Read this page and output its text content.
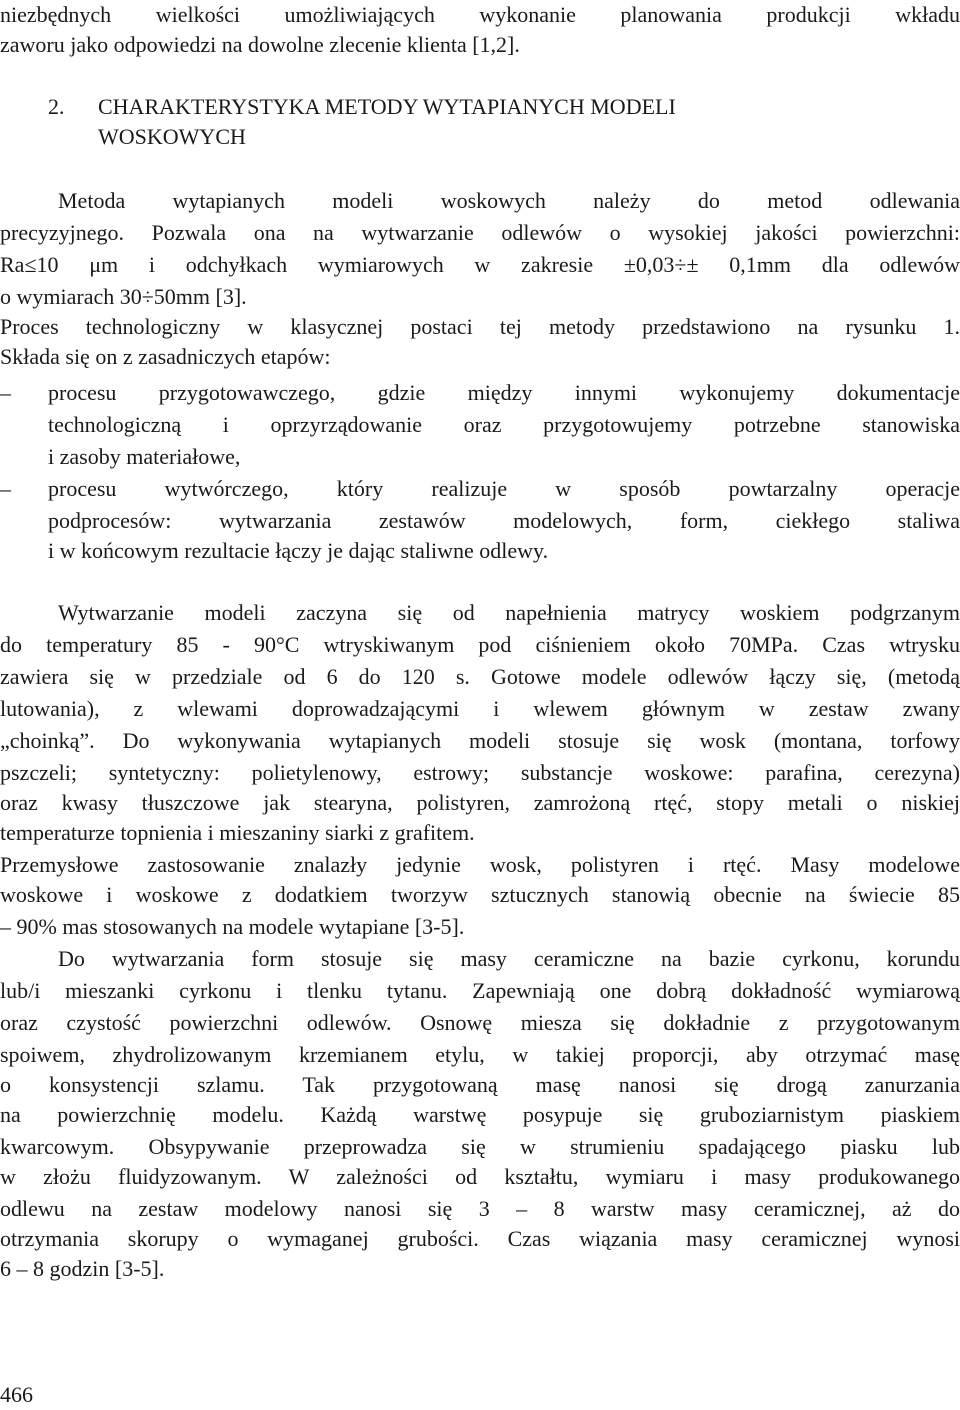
niezbędnych wielkości umożliwiających wykonanie planowania produkcji wkładu
zaworu jako odpowiedzi na dowolne zlecenie klienta [1,2].
2.	CHARAKTERYSTYKA METODY WYTAPIANYCH MODELI
WOSKOWYCH
Metoda wytapianych modeli woskowych należy do metod odlewania
precyzyjnego. Pozwala ona na wytwarzanie odlewów o wysokiej jakości powierzchni:
Ra≤10 μm i odchyłkach wymiarowych w zakresie ±0,03÷± 0,1mm dla odlewów
o wymiarach 30÷50mm [3].
Proces technologiczny w klasycznej postaci tej metody przedstawiono na rysunku 1.
Składa się on z zasadniczych etapów:
–	procesu przygotowawczego, gdzie między innymi wykonujemy dokumentacje
technologiczną i oprzyrządowanie oraz przygotowujemy potrzebne stanowiska
i zasoby materiałowe,
–	procesu wytwórczego, który realizuje w sposób powtarzalny operacje
podprocesów: wytwarzania zestawów modelowych, form, ciekłego staliwa
i w końcowym rezultacie łączy je dając staliwne odlewy.
Wytwarzanie modeli zaczyna się od napełnienia matrycy woskiem podgrzanym
do temperatury 85 - 90°C wtryskiwanym pod ciśnieniem około 70MPa. Czas wtrysku
zawiera się w przedziale od 6 do 120 s. Gotowe modele odlewów łączy się, (metodą
lutowania), z wlewami doprowadzającymi i wlewem głównym w zestaw zwany
„choinką”. Do wykonywania wytapianych modeli stosuje się wosk (montana, torfowy
pszczeli; syntetyczny: polietylenowy, estrowy; substancje woskowe: parafina, cerezyna)
oraz kwasy tłuszczowe jak stearyna, polistyren, zamrożoną rtęć, stopy metali o niskiej
temperaturze topnienia i mieszaniny siarki z grafitem.
Przemysłowe zastosowanie znalazły jedynie wosk, polistyren i rtęć. Masy modelowe
woskowe i woskowe z dodatkiem tworzyw sztucznych stanowią obecnie na świecie 85
– 90% mas stosowanych na modele wytapiane [3-5].
Do wytwarzania form stosuje się masy ceramiczne na bazie cyrkonu, korundu
lub/i mieszanki cyrkonu i tlenku tytanu. Zapewniają one dobrą dokładność wymiarową
oraz czystość powierzchni odlewów. Osnowę miesza się dokładnie z przygotowanym
spoiwem, zhydrolizowanym krzemianem etylu, w takiej proporcji, aby otrzymać masę
o konsystencji szlamu. Tak przygotowaną masę nanosi się drogą zanurzania
na powierzchnię modelu. Każdą warstwę posypuje się gruboziarnistym piaskiem
kwarcowym. Obsypywanie przeprowadza się w strumieniu spadającego piasku lub
w złożu fluidyzowanym. W zależności od kształtu, wymiaru i masy produkowanego
odlewu na zestaw modelowy nanosi się 3 – 8 warstw masy ceramicznej, aż do
otrzymania skorupy o wymaganej grubości. Czas wiązania masy ceramicznej wynosi
6 – 8 godzin [3-5].
466
